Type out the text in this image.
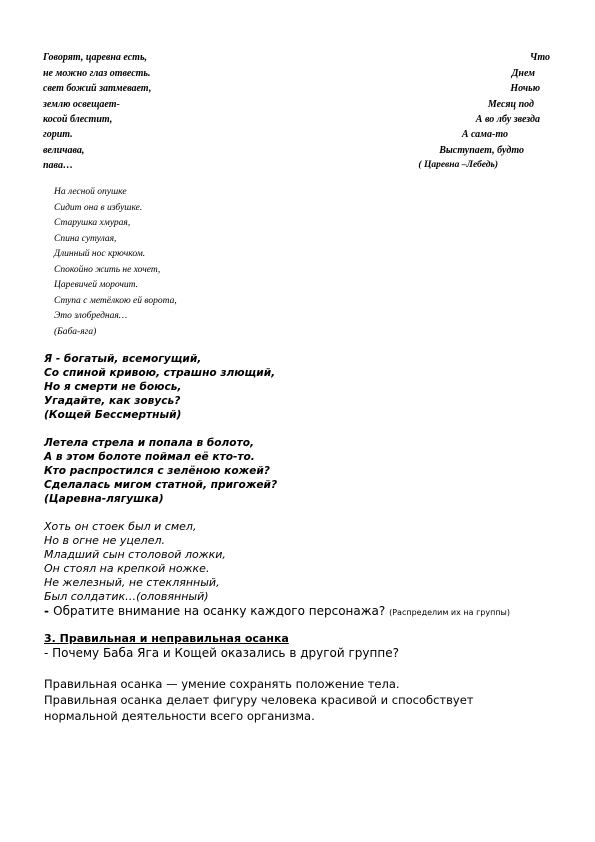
Говорят, царевна есть,	Что
не можно глаз отвесть.	Днем
свет божий затмевает,	Ночью
землю освещает-	Месяц под
косой блестит,	А во лбу звезда
горит.	А сама-то
величава,	Выступает, будто
пава…	( Царевна –Лебедь)
На лесной опушке
Сидит она в избушке.
Старушка хмурая,
Спина сутулая,
Длинный нос крючком.
Спокойно жить не хочет,
Царевичей морочит.
Ступа с метёлкою ей ворота,
Это злобредная…
(Баба-яга)
Я - богатый, всемогущий,
Со спиной кривою, страшно злющий,
Но я смерти не боюсь,
Угадайте, как зовусь?
(Кощей Бессмертный)
Летела стрела и попала в болото,
А в этом болоте поймал её кто-то.
Кто распростился с зелёною кожей?
Сделалась мигом статной, пригожей?
(Царевна-лягушка)
Хоть он стоек был и смел,
Но в огне не уцелел.
Младший сын столовой ложки,
Он стоял на крепкой ножке.
Не железный, не стеклянный,
Был солдатик…(оловянный)
- Обратите внимание на осанку каждого персонажа? (Распределим их на группы)
3. Правильная и неправильная осанка
- Почему Баба Яга и Кощей оказались в другой группе?
Правильная осанка — умение сохранять положение тела.
Правильная осанка делает фигуру человека красивой и способствует
нормальной деятельности всего организма.
